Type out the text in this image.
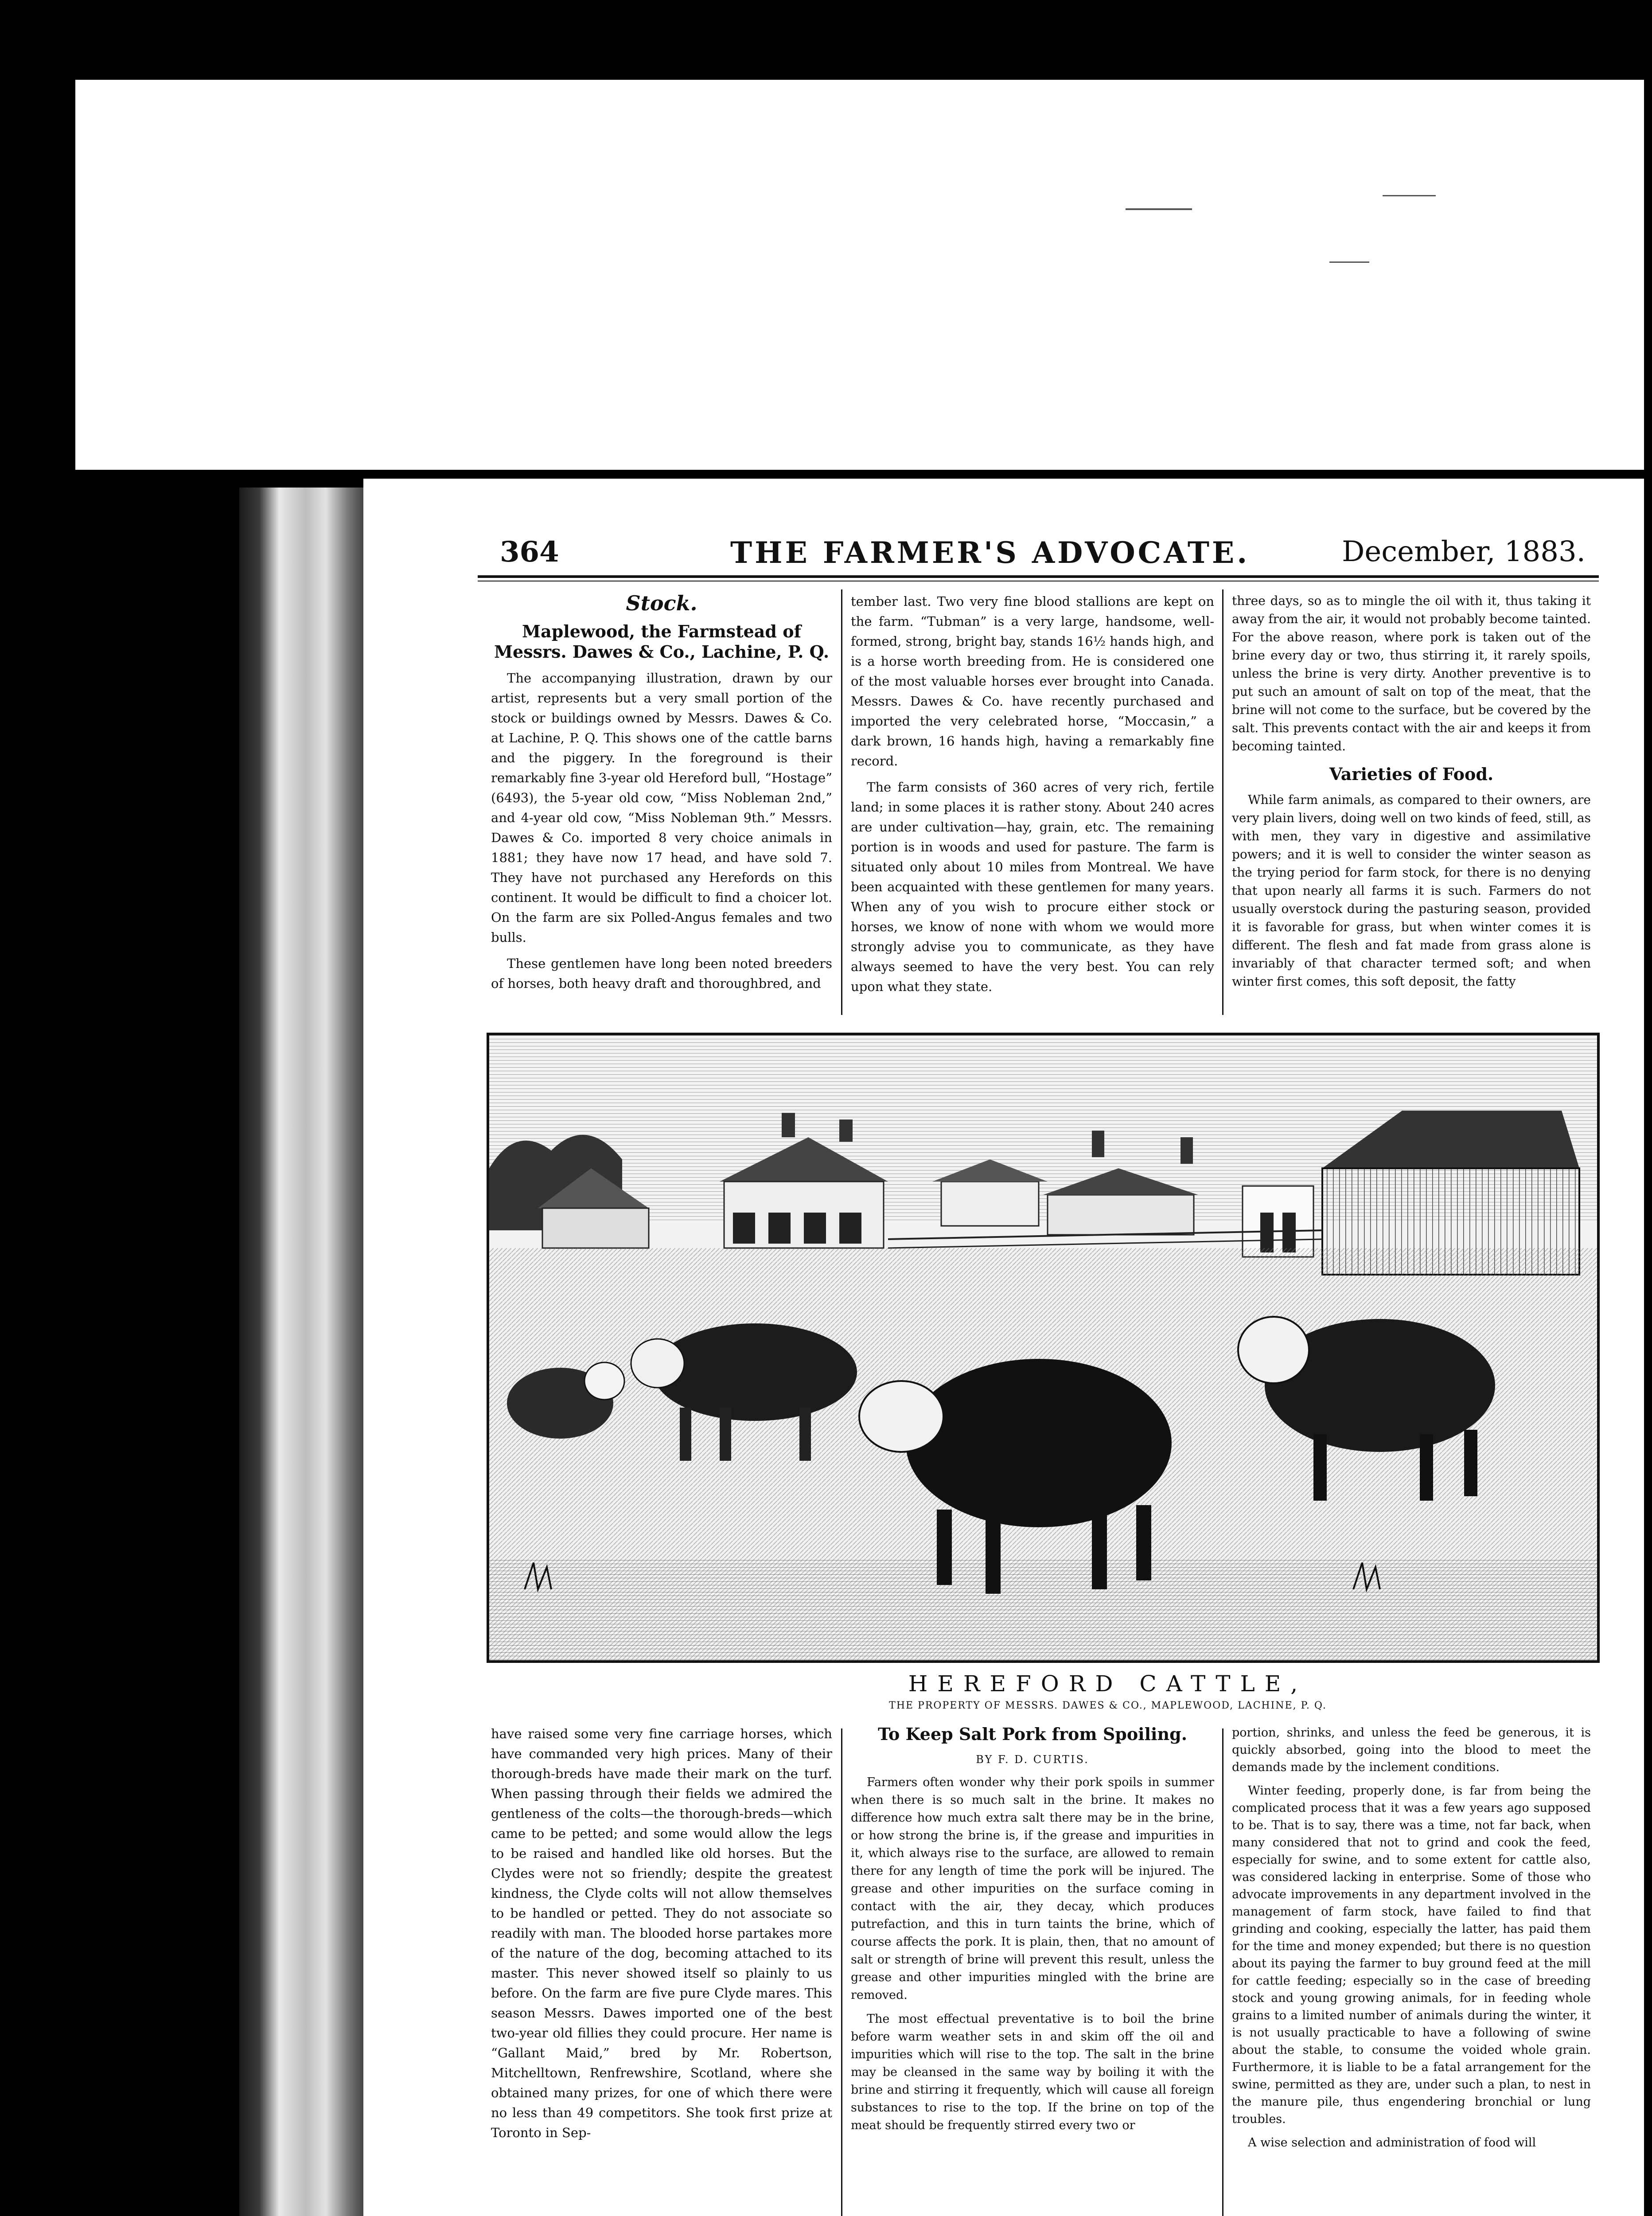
364	THE FARMER'S ADVOCATE.	December, 1883.
Stock.
Maplewood, the Farmstead of Messrs. Dawes & Co., Lachine, P. Q.

The accompanying illustration, drawn by our artist, represents but a very small portion of the stock or buildings owned by Messrs. Dawes & Co. at Lachine, P. Q. This shows one of the cattle barns and the piggery. In the foreground is their remarkably fine 3-year old Hereford bull, “Hostage” (6493), the 5-year old cow, “Miss Nobleman 2nd,” and 4-year old cow, “Miss Nobleman 9th.” Messrs. Dawes & Co. imported 8 very choice animals in 1881; they have now 17 head, and have sold 7. They have not purchased any Herefords on this continent. It would be difficult to find a choicer lot. On the farm are six Polled-Angus females and two bulls.

These gentlemen have long been noted breeders of horses, both heavy draft and thoroughbred, and

tember last. Two very fine blood stallions are kept on the farm. “Tubman” is a very large, handsome, well-formed, strong, bright bay, stands 16½ hands high, and is a horse worth breeding from. He is considered one of the most valuable horses ever brought into Canada. Messrs. Dawes & Co. have recently purchased and imported the very celebrated horse, “Moccasin,” a dark brown, 16 hands high, having a remarkably fine record.

The farm consists of 360 acres of very rich, fertile land; in some places it is rather stony. About 240 acres are under cultivation—hay, grain, etc. The remaining portion is in woods and used for pasture. The farm is situated only about 10 miles from Montreal. We have been acquainted with these gentlemen for many years. When any of you wish to procure either stock or horses, we know of none with whom we would more strongly advise you to communicate, as they have always seemed to have the very best. You can rely upon what they state.

three days, so as to mingle the oil with it, thus taking it away from the air, it would not probably become tainted. For the above reason, where pork is taken out of the brine every day or two, thus stirring it, it rarely spoils, unless the brine is very dirty. Another preventive is to put such an amount of salt on top of the meat, that the brine will not come to the surface, but be covered by the salt. This prevents contact with the air and keeps it from becoming tainted.

Varieties of Food.

While farm animals, as compared to their owners, are very plain livers, doing well on two kinds of feed, still, as with men, they vary in digestive and assimilative powers; and it is well to consider the winter season as the trying period for farm stock, for there is no denying that upon nearly all farms it is such. Farmers do not usually overstock during the pasturing season, provided it is favorable for grass, but when winter comes it is different. The flesh and fat made from grass alone is invariably of that character termed soft; and when winter first comes, this soft deposit, the fatty

HEREFORD CATTLE,
THE PROPERTY OF MESSRS. DAWES & CO., MAPLEWOOD, LACHINE, P. Q.

have raised some very fine carriage horses, which have commanded very high prices. Many of their thorough-breds have made their mark on the turf. When passing through their fields we admired the gentleness of the colts—the thorough-breds—which came to be petted; and some would allow the legs to be raised and handled like old horses. But the Clydes were not so friendly; despite the greatest kindness, the Clyde colts will not allow themselves to be handled or petted. They do not associate so readily with man. The blooded horse partakes more of the nature of the dog, becoming attached to its master. This never showed itself so plainly to us before. On the farm are five pure Clyde mares. This season Messrs. Dawes imported one of the best two-year old fillies they could procure. Her name is “Gallant Maid,” bred by Mr. Robertson, Mitchelltown, Renfrewshire, Scotland, where she obtained many prizes, for one of which there were no less than 49 competitors. She took first prize at Toronto in Sep-

To Keep Salt Pork from Spoiling.
BY F. D. CURTIS.

Farmers often wonder why their pork spoils in summer when there is so much salt in the brine. It makes no difference how much extra salt there may be in the brine, or how strong the brine is, if the grease and impurities in it, which always rise to the surface, are allowed to remain there for any length of time the pork will be injured. The grease and other impurities on the surface coming in contact with the air, they decay, which produces putrefaction, and this in turn taints the brine, which of course affects the pork. It is plain, then, that no amount of salt or strength of brine will prevent this result, unless the grease and other impurities mingled with the brine are removed.

The most effectual preventative is to boil the brine before warm weather sets in and skim off the oil and impurities which will rise to the top. The salt in the brine may be cleansed in the same way by boiling it with the brine and stirring it frequently, which will cause all foreign substances to rise to the top. If the brine on top of the meat should be frequently stirred every two or

portion, shrinks, and unless the feed be generous, it is quickly absorbed, going into the blood to meet the demands made by the inclement conditions.

Winter feeding, properly done, is far from being the complicated process that it was a few years ago supposed to be. That is to say, there was a time, not far back, when many considered that not to grind and cook the feed, especially for swine, and to some extent for cattle also, was considered lacking in enterprise. Some of those who advocate improvements in any department involved in the management of farm stock, have failed to find that grinding and cooking, especially the latter, has paid them for the time and money expended; but there is no question about its paying the farmer to buy ground feed at the mill for cattle feeding; especially so in the case of breeding stock and young growing animals, for in feeding whole grains to a limited number of animals during the winter, it is not usually practicable to have a following of swine about the stable, to consume the voided whole grain. Furthermore, it is liable to be a fatal arrangement for the swine, permitted as they are, under such a plan, to nest in the manure pile, thus engendering bronchial or lung troubles.

A wise selection and administration of food will
